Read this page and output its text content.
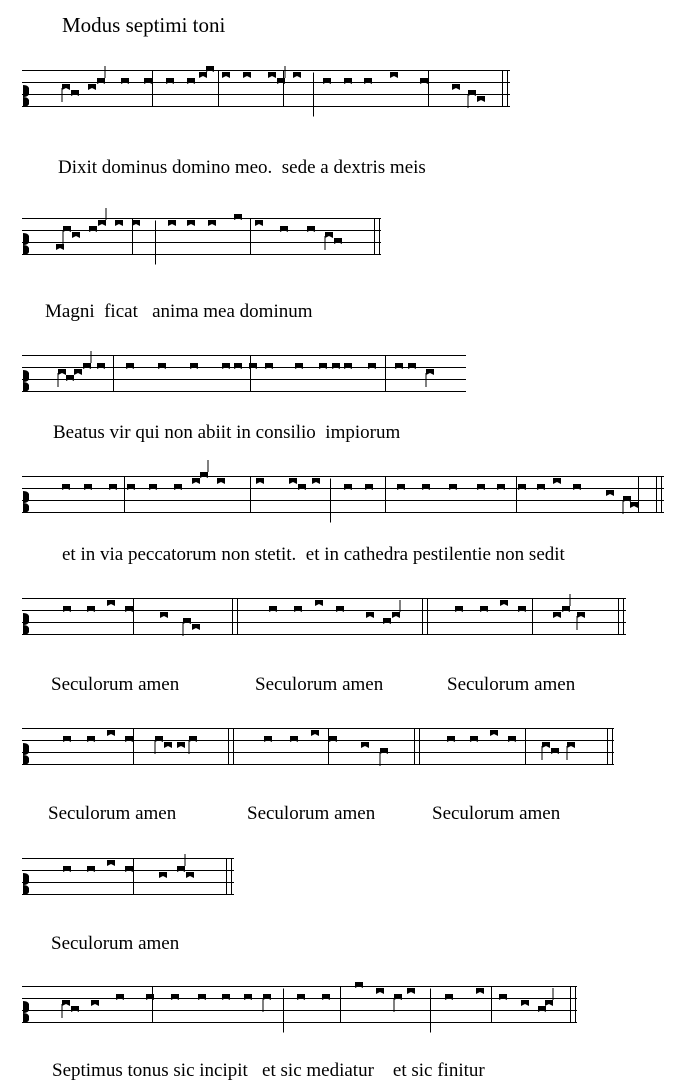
Modus septimi toni
Dixit dominus domino meo.  sede a dextris meis
Magni  ficat   anima mea dominum
Beatus vir qui non abiit in consilio  impiorum
et in via peccatorum non stetit.  et in cathedra pestilentie non sedit
Seculorum amen	Seculorum amen	Seculorum amen
Seculorum amen	Seculorum amen	Seculorum amen
Seculorum amen
Septimus tonus sic incipit   et sic mediatur    et sic finitur
